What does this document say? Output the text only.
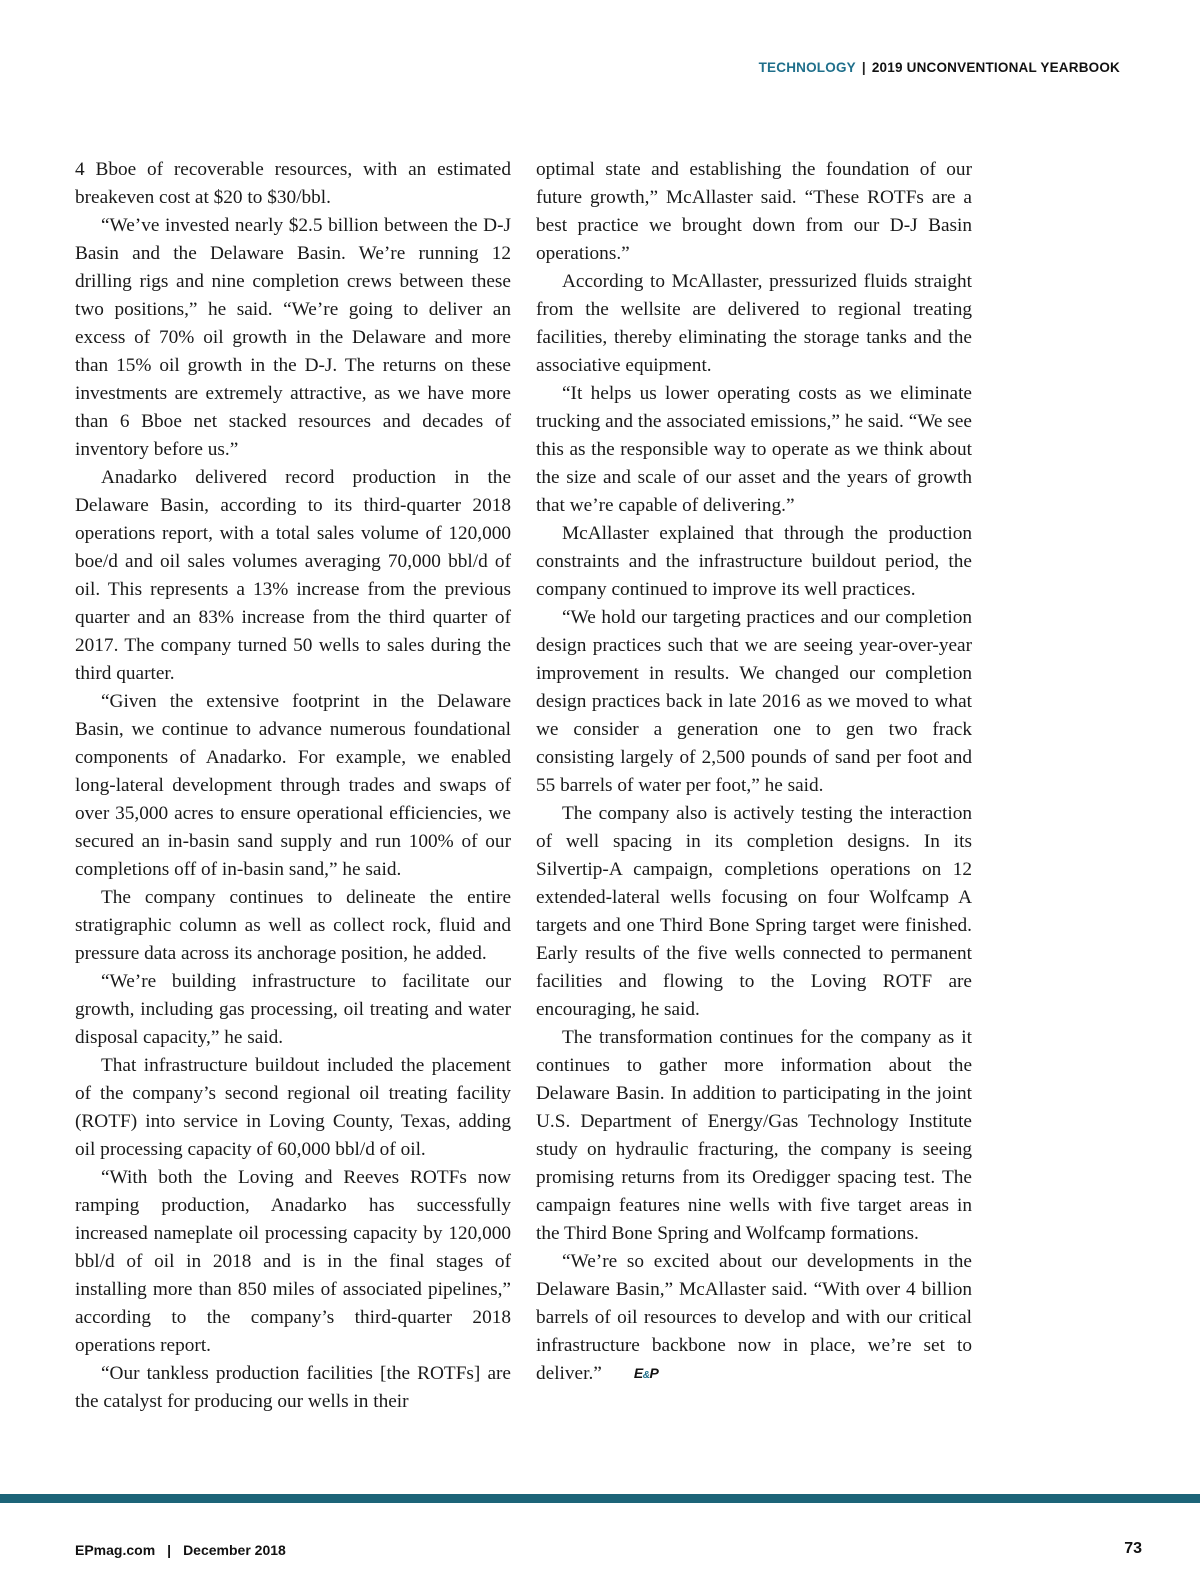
TECHNOLOGY | 2019 UNCONVENTIONAL YEARBOOK

4 Bboe of recoverable resources, with an estimated breakeven cost at $20 to $30/bbl.

“We’ve invested nearly $2.5 billion between the D-J Basin and the Delaware Basin. We’re running 12 drilling rigs and nine completion crews between these two positions,” he said. “We’re going to deliver an excess of 70% oil growth in the Delaware and more than 15% oil growth in the D-J. The returns on these investments are extremely attractive, as we have more than 6 Bboe net stacked resources and decades of inventory before us.”

Anadarko delivered record production in the Delaware Basin, according to its third-quarter 2018 operations report, with a total sales volume of 120,000 boe/d and oil sales volumes averaging 70,000 bbl/d of oil. This represents a 13% increase from the previous quarter and an 83% increase from the third quarter of 2017. The company turned 50 wells to sales during the third quarter.

“Given the extensive footprint in the Delaware Basin, we continue to advance numerous foundational components of Anadarko. For example, we enabled long-lateral development through trades and swaps of over 35,000 acres to ensure operational efficiencies, we secured an in-basin sand supply and run 100% of our completions off of in-basin sand,” he said.

The company continues to delineate the entire stratigraphic column as well as collect rock, fluid and pressure data across its anchorage position, he added.

“We’re building infrastructure to facilitate our growth, including gas processing, oil treating and water disposal capacity,” he said.

That infrastructure buildout included the placement of the company’s second regional oil treating facility (ROTF) into service in Loving County, Texas, adding oil processing capacity of 60,000 bbl/d of oil.

“With both the Loving and Reeves ROTFs now ramping production, Anadarko has successfully increased nameplate oil processing capacity by 120,000 bbl/d of oil in 2018 and is in the final stages of installing more than 850 miles of associated pipelines,” according to the company’s third-quarter 2018 operations report.

“Our tankless production facilities [the ROTFs] are the catalyst for producing our wells in their

optimal state and establishing the foundation of our future growth,” McAllaster said. “These ROTFs are a best practice we brought down from our D-J Basin operations.”

According to McAllaster, pressurized fluids straight from the wellsite are delivered to regional treating facilities, thereby eliminating the storage tanks and the associative equipment.

“It helps us lower operating costs as we eliminate trucking and the associated emissions,” he said. “We see this as the responsible way to operate as we think about the size and scale of our asset and the years of growth that we’re capable of delivering.”

McAllaster explained that through the production constraints and the infrastructure buildout period, the company continued to improve its well practices.

“We hold our targeting practices and our completion design practices such that we are seeing year-over-year improvement in results. We changed our completion design practices back in late 2016 as we moved to what we consider a generation one to gen two frack consisting largely of 2,500 pounds of sand per foot and 55 barrels of water per foot,” he said.

The company also is actively testing the interaction of well spacing in its completion designs. In its Silvertip-A campaign, completions operations on 12 extended-lateral wells focusing on four Wolfcamp A targets and one Third Bone Spring target were finished. Early results of the five wells connected to permanent facilities and flowing to the Loving ROTF are encouraging, he said.

The transformation continues for the company as it continues to gather more information about the Delaware Basin. In addition to participating in the joint U.S. Department of Energy/Gas Technology Institute study on hydraulic fracturing, the company is seeing promising returns from its Oredigger spacing test. The campaign features nine wells with five target areas in the Third Bone Spring and Wolfcamp formations.

“We’re so excited about our developments in the Delaware Basin,” McAllaster said. “With over 4 billion barrels of oil resources to develop and with our critical infrastructure backbone now in place, we’re set to deliver.” E&P

EPmag.com | December 2018	73
